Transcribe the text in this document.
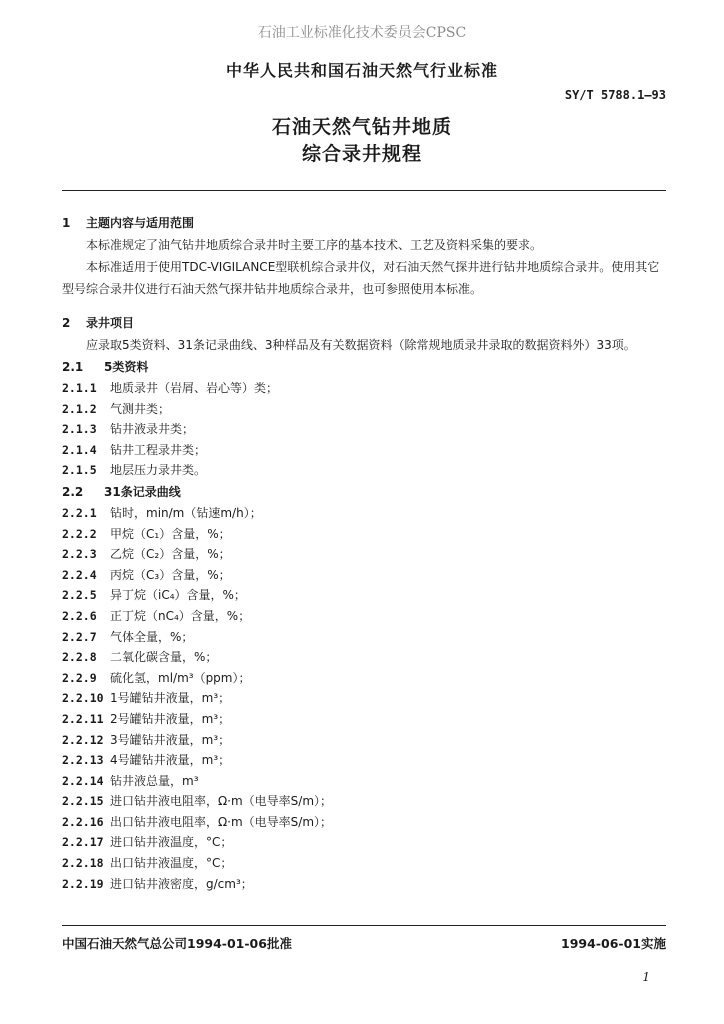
石油工业标准化技术委员会CPSC
中华人民共和国石油天然气行业标准
SY/T 5788.1—93
石油天然气钻井地质
综合录井规程
1 主题内容与适用范围
本标准规定了油气钻井地质综合录井时主要工序的基本技术、工艺及资料采集的要求。
本标准适用于使用TDC-VIGILANCE型联机综合录井仪，对石油天然气探井进行钻井地质综合录井。使用其它型号综合录井仪进行石油天然气探井钻井地质综合录井，也可参照使用本标准。
2 录井项目
应录取5类资料、31条记录曲线、3种样品及有关数据资料（除常规地质录井录取的数据资料外）33项。
2.1 5类资料
2.1.1 地质录井（岩屑、岩心等）类；
2.1.2 气测井类；
2.1.3 钻井液录井类；
2.1.4 钻井工程录井类；
2.1.5 地层压力录井类。
2.2 31条记录曲线
2.2.1 钻时，min/m（钻速m/h）；
2.2.2 甲烷（C₁）含量，%；
2.2.3 乙烷（C₂）含量，%；
2.2.4 丙烷（C₃）含量，%；
2.2.5 异丁烷（iC₄）含量，%；
2.2.6 正丁烷（nC₄）含量，%；
2.2.7 气体全量，%；
2.2.8 二氧化碳含量，%；
2.2.9 硫化氢，ml/m³（ppm）；
2.2.10 1号罐钻井液量，m³；
2.2.11 2号罐钻井液量，m³；
2.2.12 3号罐钻井液量，m³；
2.2.13 4号罐钻井液量，m³；
2.2.14 钻井液总量，m³
2.2.15 进口钻井液电阻率，Ω·m（电导率S/m）；
2.2.16 出口钻井液电阻率，Ω·m（电导率S/m）；
2.2.17 进口钻井液温度，°C；
2.2.18 出口钻井液温度，°C；
2.2.19 进口钻井液密度，g/cm³；
中国石油天然气总公司1994-01-06批准	1994-06-01实施
1
